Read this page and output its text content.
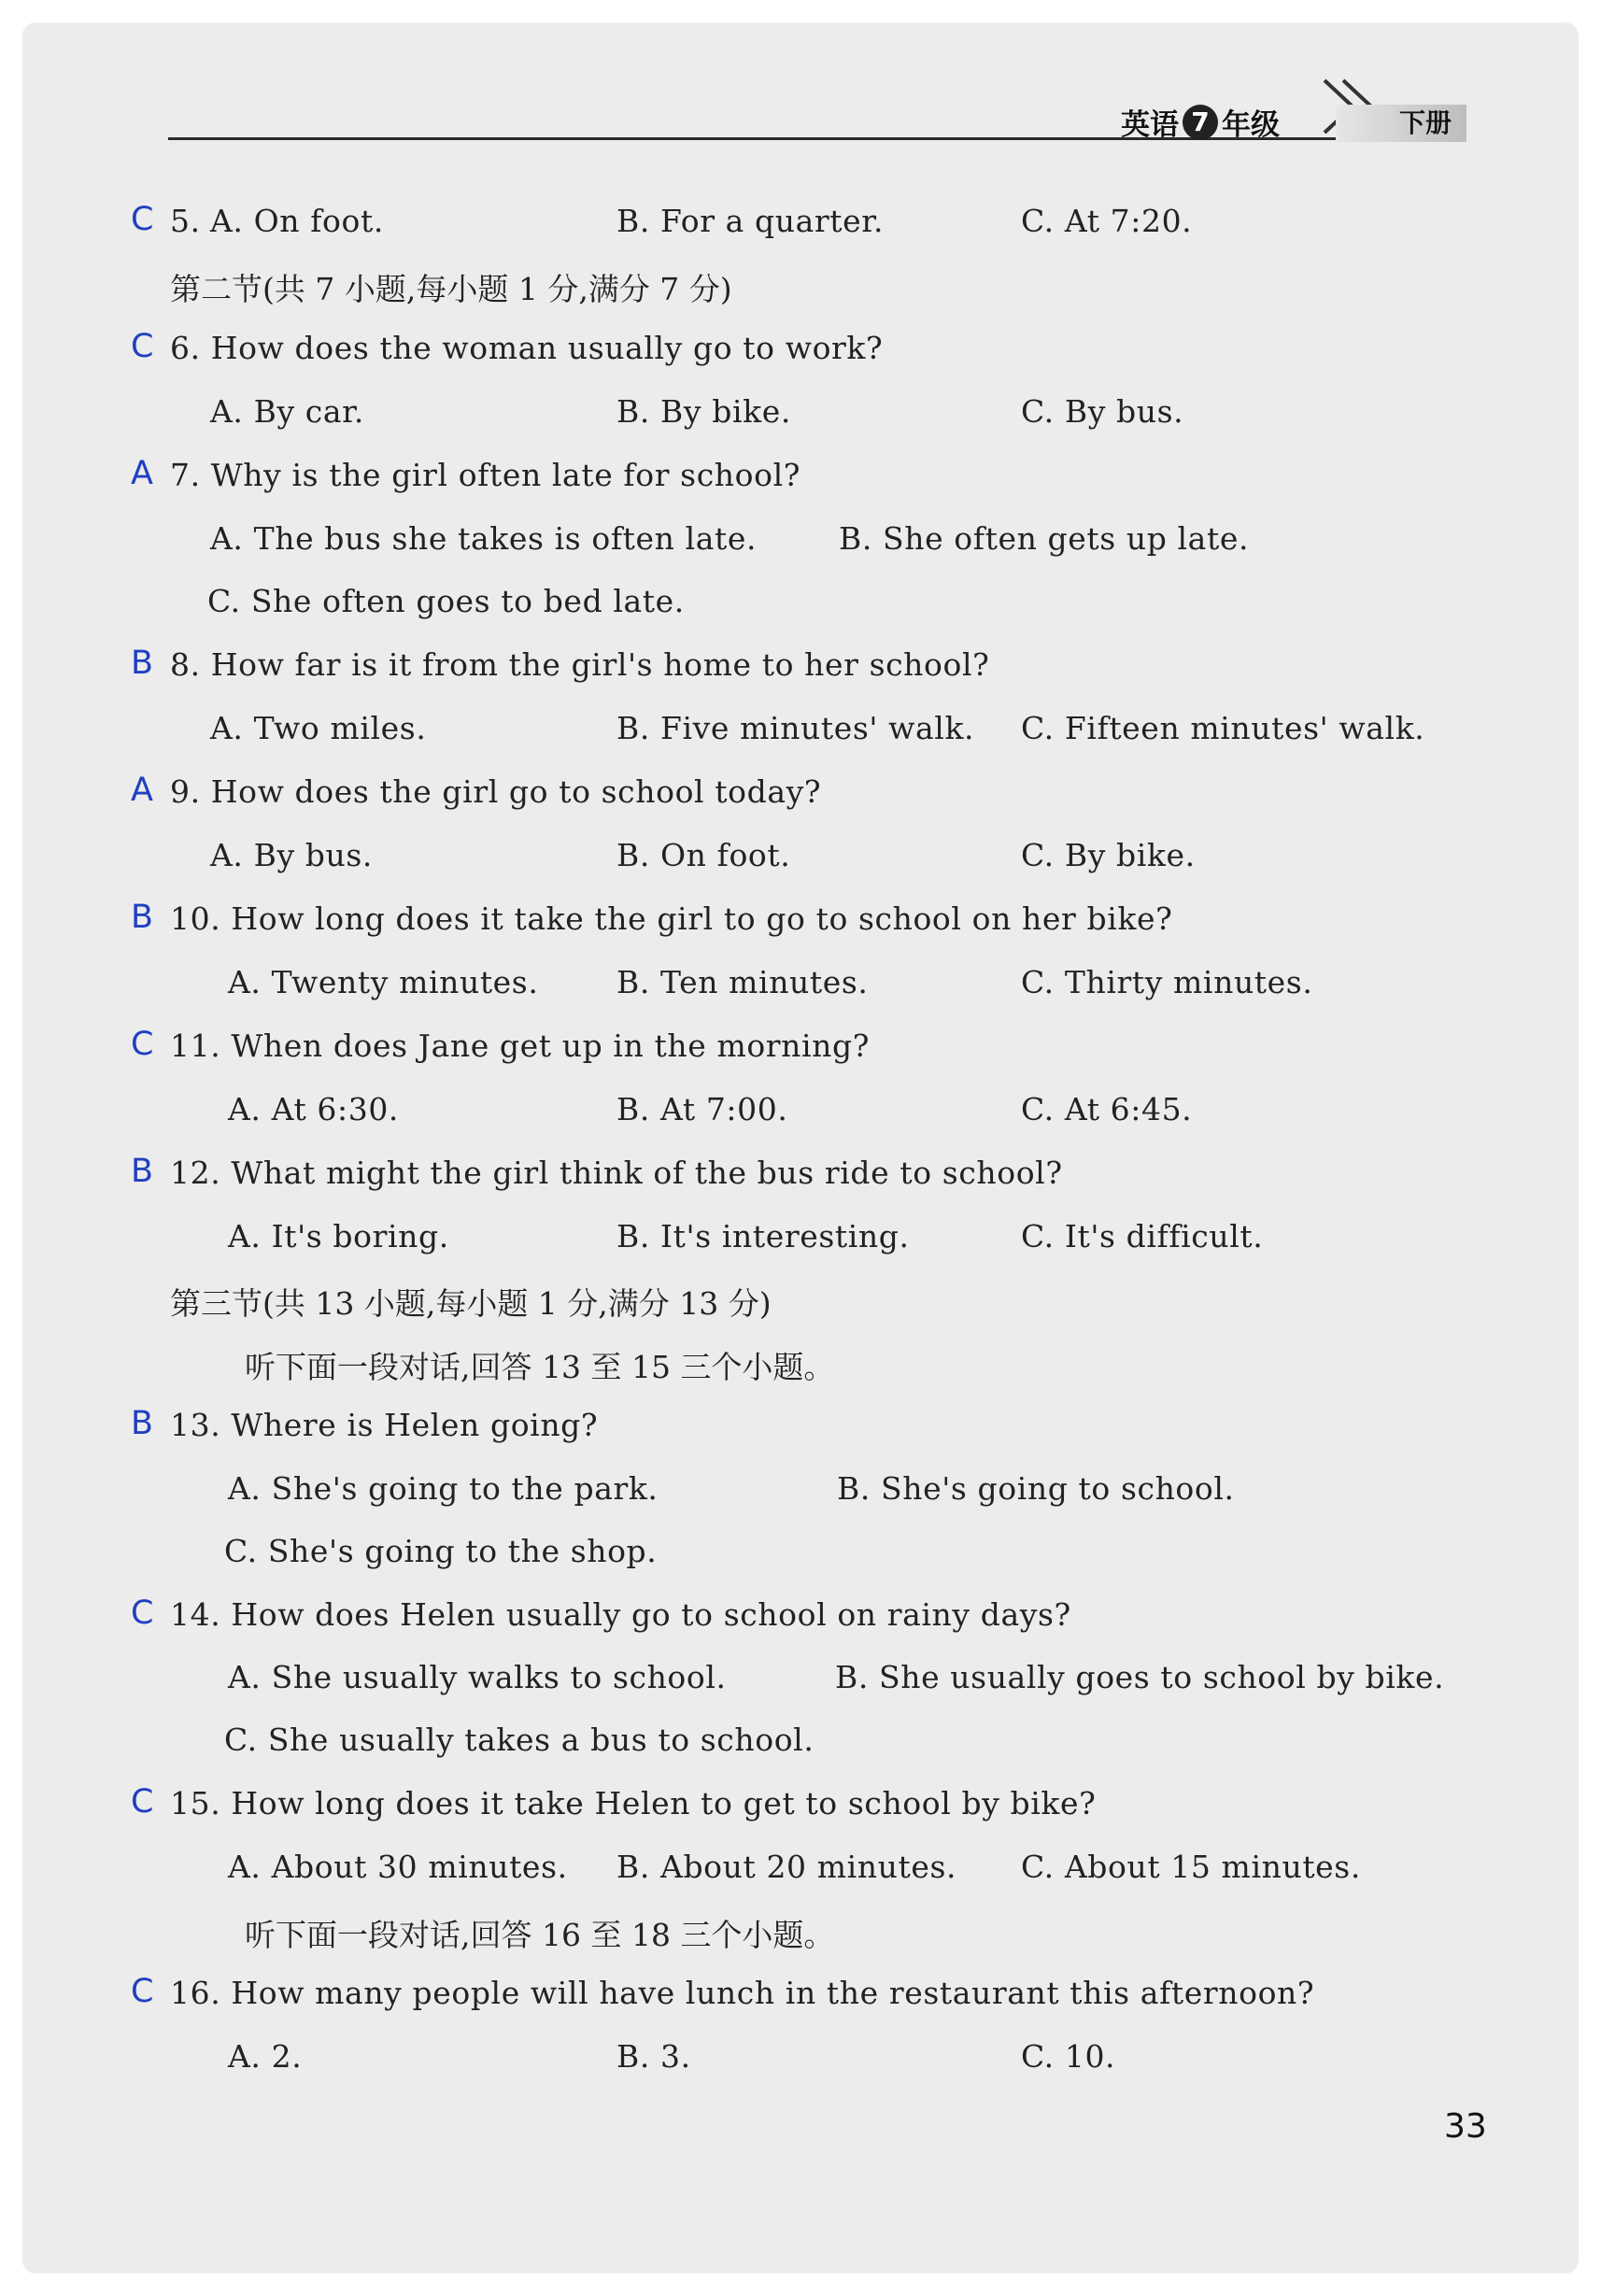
英语 7 年级	下册
C 5. A. On foot.	B. For a quarter.	C. At 7:20.
第二节(共 7 小题,每小题 1 分,满分 7 分)
C 6. How does the woman usually go to work?
A. By car.	B. By bike.	C. By bus.
A 7. Why is the girl often late for school?
A. The bus she takes is often late.	B. She often gets up late.
C. She often goes to bed late.
B 8. How far is it from the girl's home to her school?
A. Two miles.	B. Five minutes' walk. C. Fifteen minutes' walk.
A 9. How does the girl go to school today?
A. By bus.	B. On foot.	C. By bike.
B 10. How long does it take the girl to go to school on her bike?
A. Twenty minutes.	B. Ten minutes.	C. Thirty minutes.
C 11. When does Jane get up in the morning?
A. At 6:30.	B. At 7:00.	C. At 6:45.
B 12. What might the girl think of the bus ride to school?
A. It's boring.	B. It's interesting.	C. It's difficult.
第三节(共 13 小题,每小题 1 分,满分 13 分)
听下面一段对话,回答 13 至 15 三个小题。
B 13. Where is Helen going?
A. She's going to the park.	B. She's going to school.
C. She's going to the shop.
C 14. How does Helen usually go to school on rainy days?
A. She usually walks to school.	B. She usually goes to school by bike.
C. She usually takes a bus to school.
C 15. How long does it take Helen to get to school by bike?
A. About 30 minutes. B. About 20 minutes. C. About 15 minutes.
听下面一段对话,回答 16 至 18 三个小题。
C 16. How many people will have lunch in the restaurant this afternoon?
A. 2.	B. 3.	C. 10.
33
